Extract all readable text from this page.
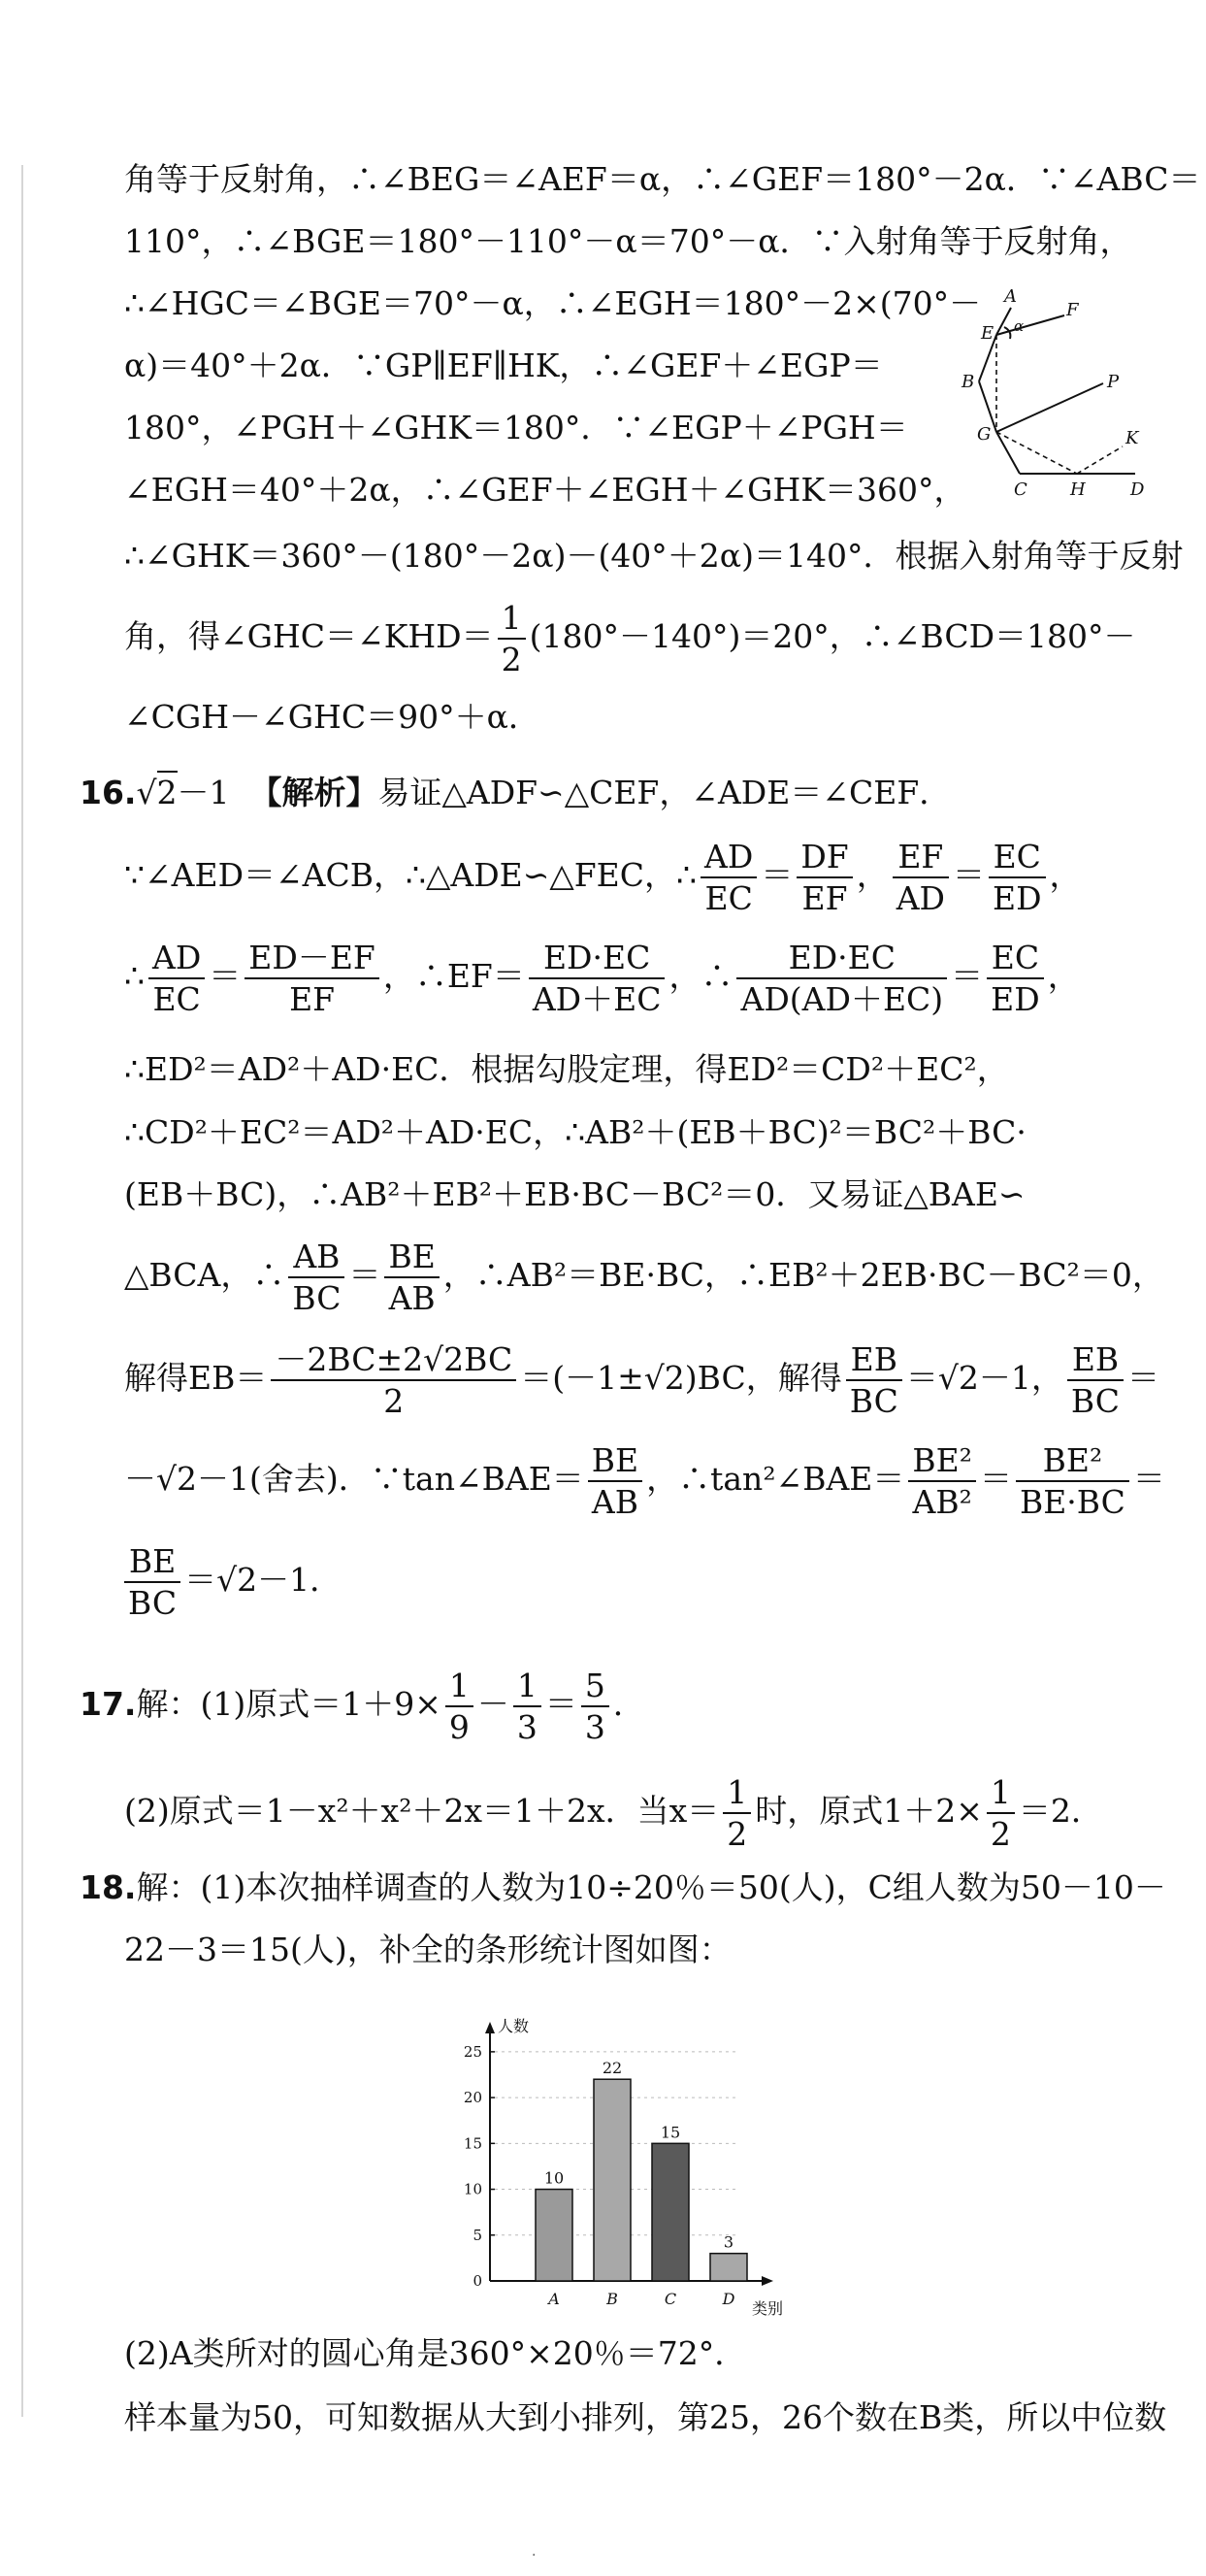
角等于反射角，∴∠BEG＝∠AEF＝α，∴∠GEF＝180°－2α．∵∠ABC＝
110°，∴∠BGE＝180°－110°－α＝70°－α．∵入射角等于反射角，
∴∠HGC＝∠BGE＝70°－α，∴∠EGH＝180°－2×(70°－
α)＝40°＋2α．∵GP∥EF∥HK，∴∠GEF＋∠EGP＝
180°，∠PGH＋∠GHK＝180°．∵∠EGP＋∠PGH＝
∠EGH＝40°＋2α，∴∠GEF＋∠EGH＋∠GHK＝360°，
∴∠GHK＝360°－(180°－2α)－(40°＋2α)＝140°．根据入射角等于反射
角，得∠GHC＝∠KHD＝ $\frac{1}{2} (180^\circ-140^\circ)=20^\circ$，∴∠BCD＝180°－
∠CGH－∠GHC＝90°＋α．
A
α
F
E
B	P
G	K
C H	D
16.√2－1 【解析】易证△ADF∽△CEF，∠ADE＝∠CEF．
∵∠AED＝∠ACB，∴△ADE∽△FEC，∴ $\frac{AD}{EC} = \frac{DF}{EF}$ ， $\frac{EF}{AD} = \frac{EC}{ED}$ ，
∴ $\frac{AD}{EC} = \frac{ED-EF}{EF}$ ，∴EF＝ $\frac{ED\cdot EC}{AD+EC}$ ，∴ $\frac{ED\cdot EC}{AD(AD+EC)} = \frac{EC}{ED}$ ，
∴ED²＝AD²＋AD·EC．根据勾股定理，得ED²＝CD²＋EC²，
∴CD²＋EC²＝AD²＋AD·EC，∴AB²＋(EB＋BC)²＝BC²＋BC·
(EB＋BC)，∴AB²＋EB²＋EB·BC－BC²＝0．又易证△BAE∽
△BCA，∴ $\frac{AB}{BC} = \frac{BE}{AB}$ ，∴AB²＝BE·BC，∴EB²＋2EB·BC－BC²＝0，
解得$EB= \frac{-2BC\pm 2√2BC}{2} =(-1\pm√2)BC$，解得 $\frac{EB}{BC} =√2-1$， $\frac{EB}{BC}$ ＝
－√2－1(舍去)．∵tan∠BAE＝ $\frac{BE}{AB}$ ，∴tan²∠BAE＝ $\frac{\text{BE²}}{\text{AB²}} = \frac{\text{BE²}}{BE\cdot BC}$ ＝
$\frac{BE}{BC} =√2-1$．
17.解：(1)原式$=1+9\times \frac{1}{9} - \frac{1}{3} = \frac{5}{3}$ ．
(2)原式＝1－x²＋x²＋2x＝1＋2x．当$x= \frac{1}{2}$ 时，原式$1+2\times \frac{1}{2} =2$．
18.解：(1)本次抽样调查的人数为10÷20％＝50(人)，C组人数为50－10－
22－3＝15(人)，补全的条形统计图如图：
人数
类别
0
5
10
15
20
25
10
A
22
B
15
C
3
D
(2)A类所对的圆心角是360°×20％＝72°．
样本量为50，可知数据从大到小排列，第25，26个数在B类，所以中位数
·
